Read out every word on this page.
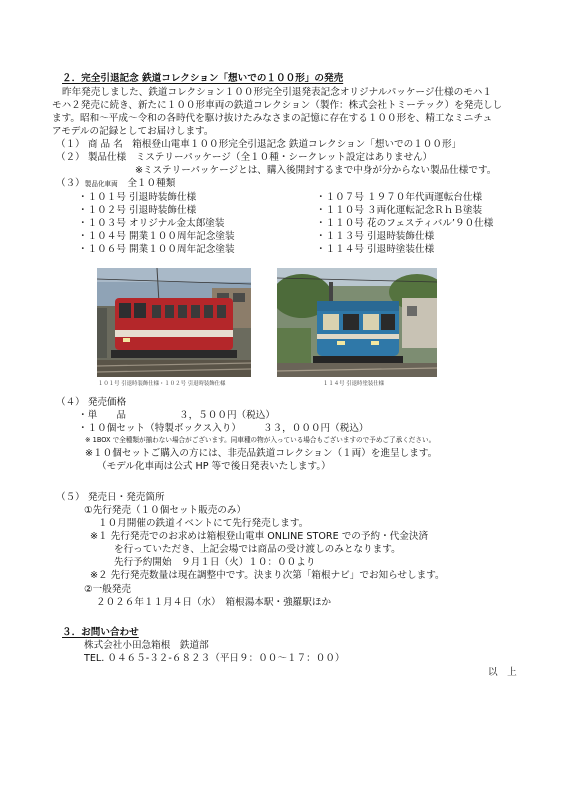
２．完全引退記念 鉄道コレクション「想いでの１００形」の発売
昨年発売しました、鉄道コレクション１００形完全引退発表記念オリジナルパッケージ仕様のモハ１
モハ２発売に続き、新たに１００形車両の鉄道コレクション（製作：株式会社トミーテック）を発売しし
ます。昭和～平成～令和の各時代を駆け抜けたみなさまの記憶に存在する１００形を、精工なミニチュ
アモデルの記録としてお届けします。
（１） 商 品 名　箱根登山電車１００形完全引退記念 鉄道コレクション「想いでの１００形」
（２） 製品仕様　ミステリーパッケージ（全１０種・シークレット設定はありません）
※ミステリーパッケージとは、購入後開封するまで中身が分からない製品仕様です。
（３）製品化車両　 全１０種類
・１０１号 引退時装飾仕様
・１０２号 引退時装飾仕様
・１０３号 オリジナル金太郎塗装
・１０４号 開業１００周年記念塗装
・１０６号 開業１００周年記念塗装
・１０７号 １９７０年代両運転台仕様
・１１０号 ３両化運転記念ＲｈＢ塗装
・１１０号 花のフェスティバル’９０仕様
・１１３号 引退時装飾仕様
・１１４号 引退時塗装仕様
１０１号 引退時装飾仕様・１０２号 引退時装飾仕様	１１４号 引退時塗装仕様
（４） 発売価格
・単　　品	３，５００円（税込）
・１０個セット（特製ボックス入り） ３３，０００円（税込）
※ 1BOX で全種類が揃わない場合がございます。同車種の物が入っている場合もございますので予めご了承ください。
※１０個セットご購入の方には、非売品鉄道コレクション（１両）を進呈します。
（モデル化車両は公式 HP 等で後日発表いたします。）
（５） 発売日・発売箇所
①先行発売（１０個セット販売のみ）
１０月開催の鉄道イベントにて先行発売します。
※１ 先行発売でのお求めは箱根登山電車 ONLINE STORE での予約・代金決済
を行っていただき、上記会場では商品の受け渡しのみとなります。
先行予約開始　９月１日（火）１０：００より
※２ 先行発売数量は現在調整中です。決まり次第「箱根ナビ」でお知らせします。
②一般発売
２０２６年１１月４日（水）　箱根湯本駅・強羅駅ほか
３．お問い合わせ
株式会社小田急箱根　鉄道部
TEL. ０４６５-３２-６８２３（平日９：００～１７：００）
以　上
